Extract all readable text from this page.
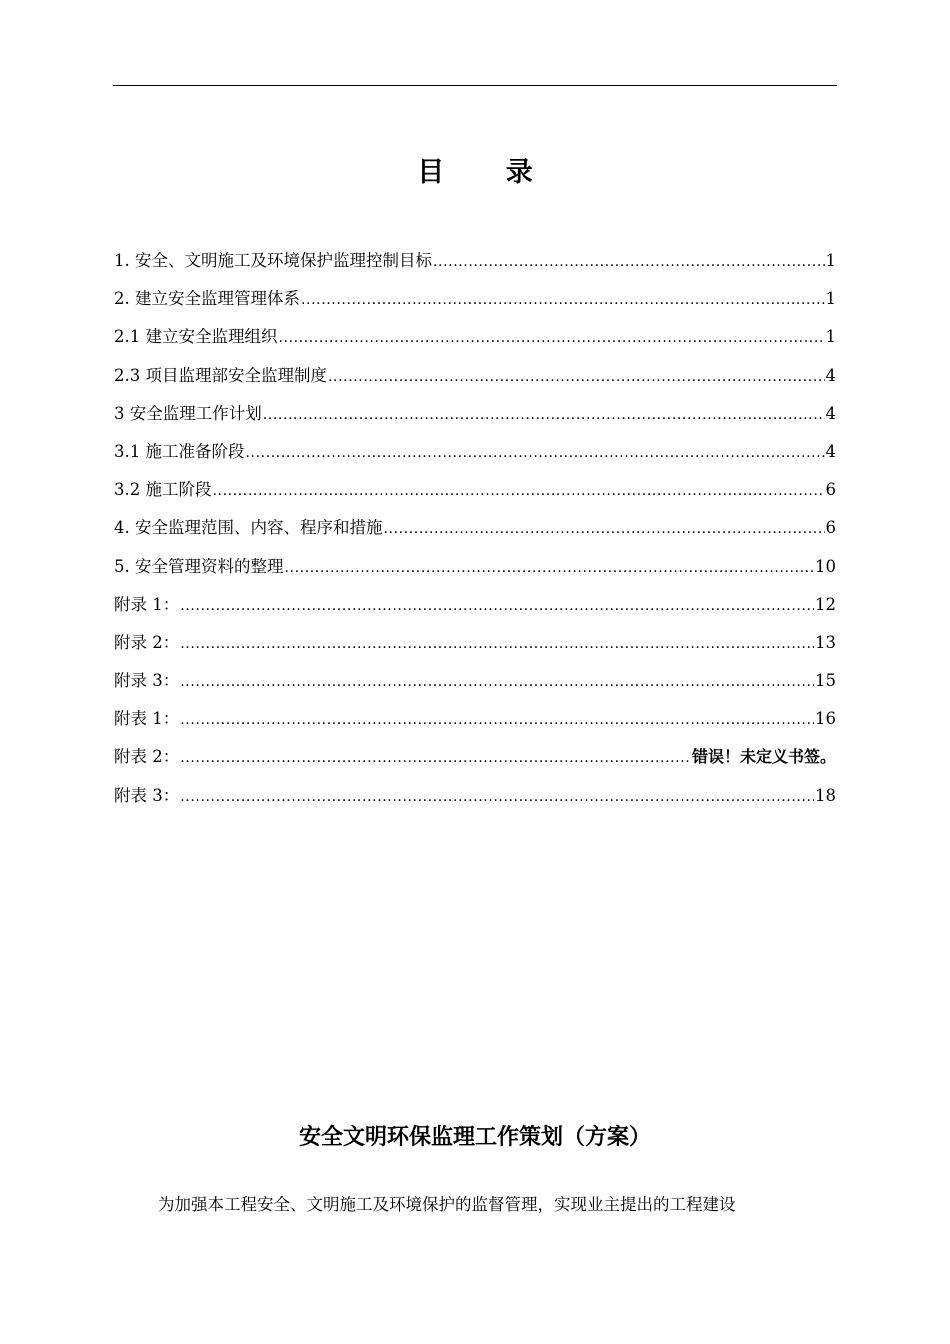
目 录
1. 安全、文明施工及环境保护监理控制目标 .....	1
2. 建立安全监理管理体系 .....	1
2.1 建立安全监理组织 .....	1
2.3 项目监理部安全监理制度 .....	4
3 安全监理工作计划 .....	4
3.1 施工准备阶段 .....	4
3.2 施工阶段 .....	6
4. 安全监理范围、内容、程序和措施 .....	6
5. 安全管理资料的整理 .....	10
附录 1： .....	12
附录 2： .....	13
附录 3： .....	15
附表 1： .....	16
附表 2： .....	错误！未定义书签。
附表 3： .....	18
安全文明环保监理工作策划（方案）
为加强本工程安全、文明施工及环境保护的监督管理，实现业主提出的工程建设
